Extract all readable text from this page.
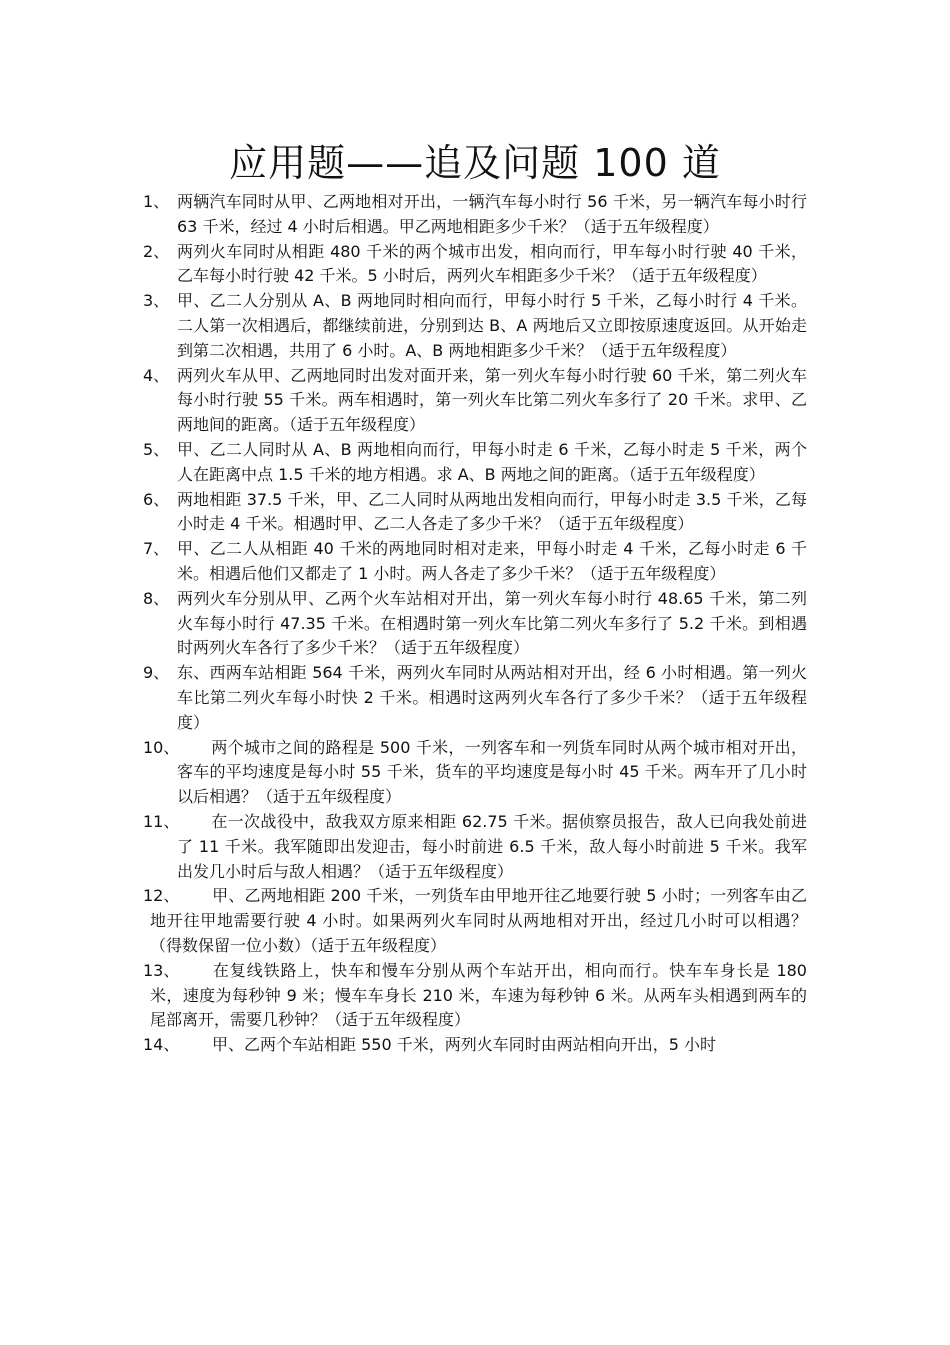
应用题——追及问题 100 道
1、 两辆汽车同时从甲、乙两地相对开出，一辆汽车每小时行 56 千米，另一辆汽车每小时行 63 千米，经过 4 小时后相遇。甲乙两地相距多少千米？（适于五年级程度）
2、 两列火车同时从相距 480 千米的两个城市出发，相向而行，甲车每小时行驶 40 千米，乙车每小时行驶 42 千米。5 小时后，两列火车相距多少千米？（适于五年级程度）
3、 甲、乙二人分别从 A、B 两地同时相向而行，甲每小时行 5 千米，乙每小时行 4 千米。二人第一次相遇后，都继续前进，分别到达 B、A 两地后又立即按原速度返回。从开始走到第二次相遇，共用了 6 小时。A、B 两地相距多少千米？（适于五年级程度）
4、 两列火车从甲、乙两地同时出发对面开来，第一列火车每小时行驶 60 千米，第二列火车每小时行驶 55 千米。两车相遇时，第一列火车比第二列火车多行了 20 千米。求甲、乙两地间的距离。（适于五年级程度）
5、 甲、乙二人同时从 A、B 两地相向而行，甲每小时走 6 千米，乙每小时走 5 千米，两个人在距离中点 1.5 千米的地方相遇。求 A、B 两地之间的距离。（适于五年级程度）
6、 两地相距 37.5 千米，甲、乙二人同时从两地出发相向而行，甲每小时走 3.5 千米，乙每小时走 4 千米。相遇时甲、乙二人各走了多少千米？（适于五年级程度）
7、 甲、乙二人从相距 40 千米的两地同时相对走来，甲每小时走 4 千米，乙每小时走 6 千米。相遇后他们又都走了 1 小时。两人各走了多少千米？（适于五年级程度）
8、 两列火车分别从甲、乙两个火车站相对开出，第一列火车每小时行 48.65 千米，第二列火车每小时行 47.35 千米。在相遇时第一列火车比第二列火车多行了 5.2 千米。到相遇时两列火车各行了多少千米？（适于五年级程度）
9、 东、西两车站相距 564 千米，两列火车同时从两站相对开出，经 6 小时相遇。第一列火车比第二列火车每小时快 2 千米。相遇时这两列火车各行了多少千米？（适于五年级程度）
10、	两个城市之间的路程是 500 千米，一列客车和一列货车同时从两个城市相对开出，客车的平均速度是每小时 55 千米，货车的平均速度是每小时 45 千米。两车开了几小时以后相遇？（适于五年级程度）
11、	在一次战役中，敌我双方原来相距 62.75 千米。据侦察员报告，敌人已向我处前进了 11 千米。我军随即出发迎击，每小时前进 6.5 千米，敌人每小时前进 5 千米。我军出发几小时后与敌人相遇？（适于五年级程度）
12、	甲、乙两地相距 200 千米，一列货车由甲地开往乙地要行驶 5 小时；一列客车由乙地开往甲地需要行驶 4 小时。如果两列火车同时从两地相对开出，经过几小时可以相遇？（得数保留一位小数）（适于五年级程度）
13、	在复线铁路上，快车和慢车分别从两个车站开出，相向而行。快车车身长是 180 米，速度为每秒钟 9 米；慢车车身长 210 米，车速为每秒钟 6 米。从两车头相遇到两车的尾部离开，需要几秒钟？（适于五年级程度）
14、	甲、乙两个车站相距 550 千米，两列火车同时由两站相向开出，5 小时
